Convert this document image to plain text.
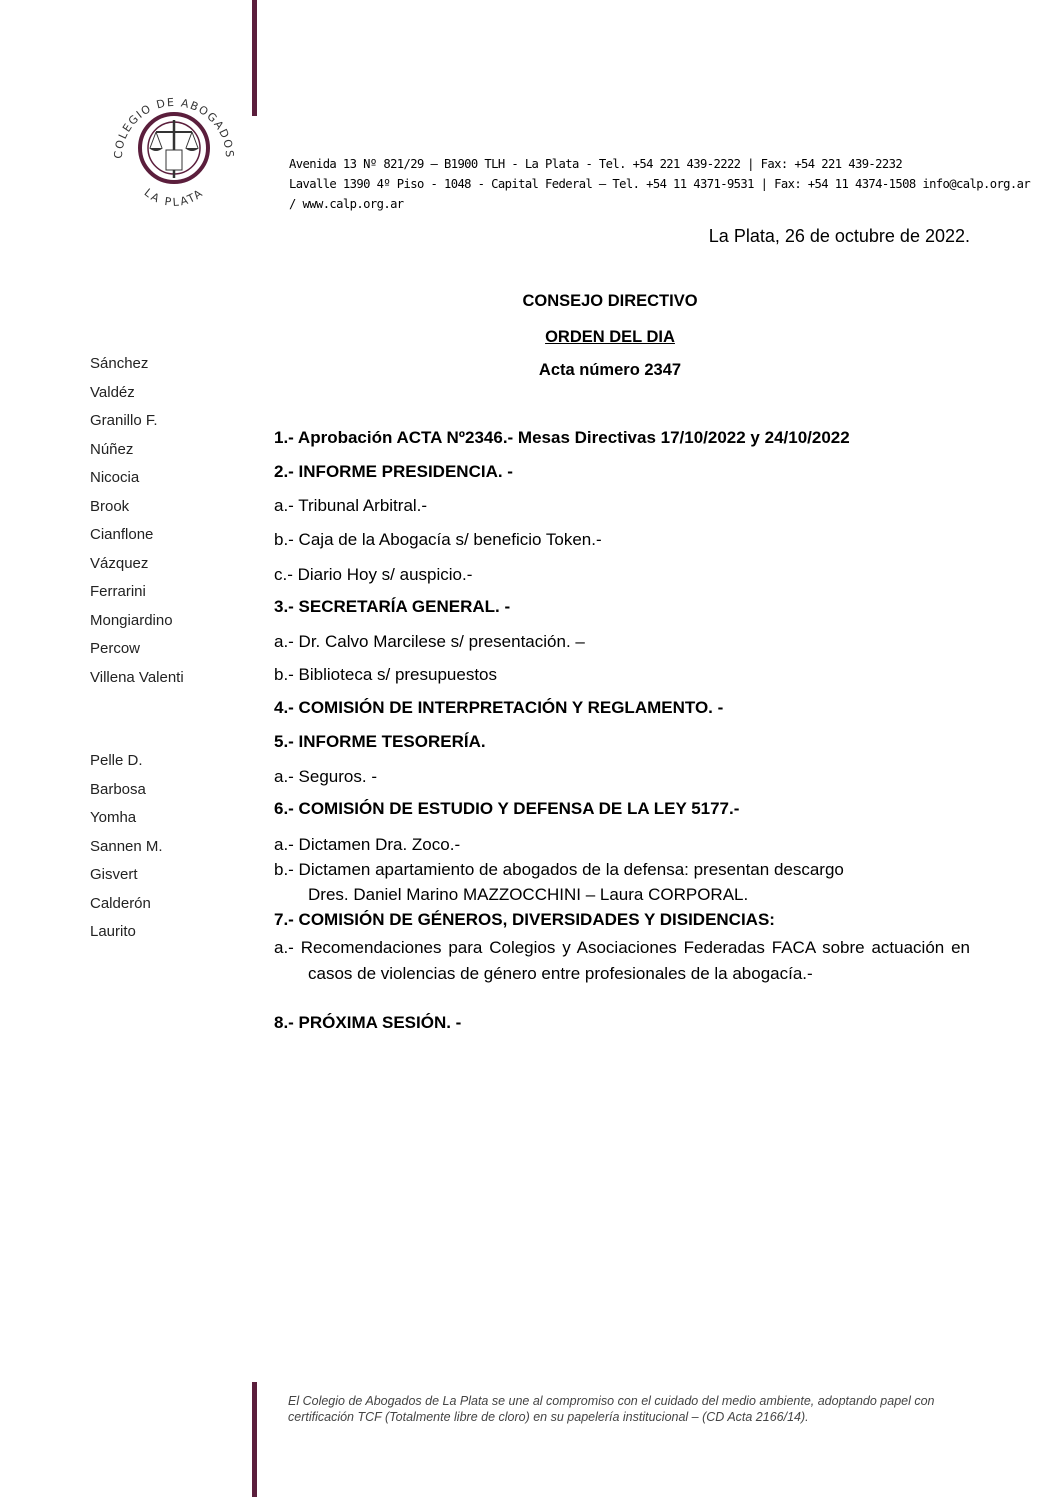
COLEGIO DE ABOGADOS
LA PLATA
Avenida 13 Nº 821/29 – B1900 TLH - La Plata - Tel. +54 221 439-2222 | Fax: +54 221 439-2232
Lavalle 1390 4º Piso - 1048 - Capital Federal – Tel. +54 11 4371-9531 | Fax: +54 11 4374-1508 info@calp.org.ar
/ www.calp.org.ar
La Plata, 26 de octubre de 2022.
CONSEJO DIRECTIVO
ORDEN DEL DIA
Acta número 2347
Sánchez
Valdéz
Granillo F.
Núñez
Nicocia
Brook
Cianflone
Vázquez
Ferrarini
Mongiardino
Percow
Villena Valenti
Pelle D.
Barbosa
Yomha
Sannen M.
Gisvert
Calderón
Laurito
1.- Aprobación ACTA Nº2346.- Mesas Directivas 17/10/2022 y 24/10/2022
2.- INFORME PRESIDENCIA. -
a.- Tribunal Arbitral.-
b.- Caja de la Abogacía s/ beneficio Token.-
c.- Diario Hoy s/ auspicio.-
3.- SECRETARÍA GENERAL. -
a.- Dr. Calvo Marcilese s/ presentación. –
b.- Biblioteca s/ presupuestos
4.- COMISIÓN DE INTERPRETACIÓN Y REGLAMENTO. -
5.- INFORME TESORERÍA.
a.- Seguros. -
6.- COMISIÓN DE ESTUDIO Y DEFENSA DE LA LEY 5177.-
a.- Dictamen Dra. Zoco.-
b.- Dictamen apartamiento de abogados de la defensa: presentan descargo
Dres. Daniel Marino MAZZOCCHINI – Laura CORPORAL.
7.- COMISIÓN DE GÉNEROS, DIVERSIDADES Y DISIDENCIAS:
a.- Recomendaciones para Colegios y Asociaciones Federadas FACA sobre actuación en casos de violencias de género entre profesionales de la abogacía.-
8.- PRÓXIMA SESIÓN. -
El Colegio de Abogados de La Plata se une al compromiso con el cuidado del medio ambiente, adoptando papel con certificación TCF (Totalmente libre de cloro) en su papelería institucional – (CD Acta 2166/14).
